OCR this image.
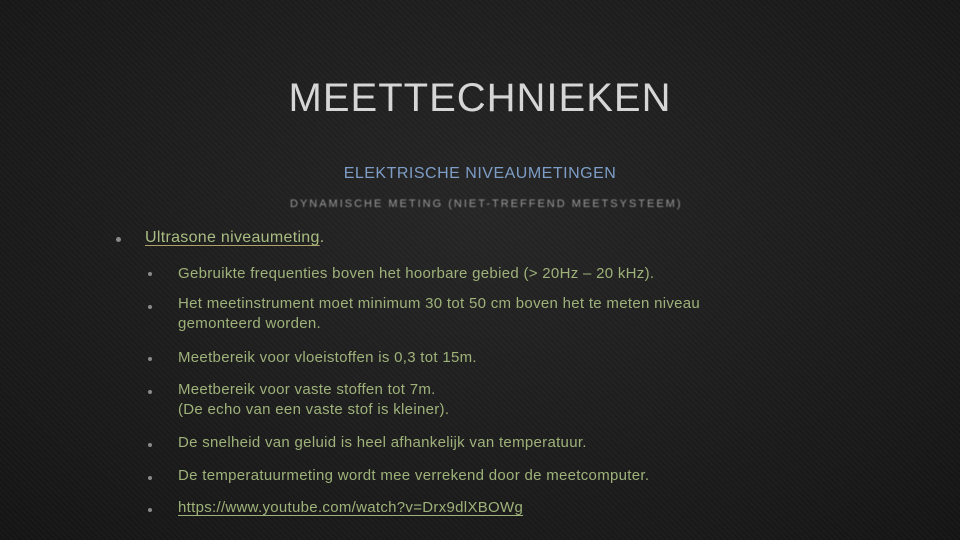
MEETTECHNIEKEN
ELEKTRISCHE NIVEAUMETINGEN
DYNAMISCHE METING (NIET-TREFFEND MEETSYSTEEM)
Ultrasone niveaumeting.
Gebruikte frequenties boven het hoorbare gebied (> 20Hz – 20 kHz).
Het meetinstrument moet minimum 30 tot 50 cm boven het te meten niveau
gemonteerd worden.
Meetbereik voor vloeistoffen is 0,3 tot 15m.
Meetbereik voor vaste stoffen tot 7m.
(De echo van een vaste stof is kleiner).
De snelheid van geluid is heel afhankelijk van temperatuur.
De temperatuurmeting wordt mee verrekend door de meetcomputer.
https://www.youtube.com/watch?v=Drx9dlXBOWg
